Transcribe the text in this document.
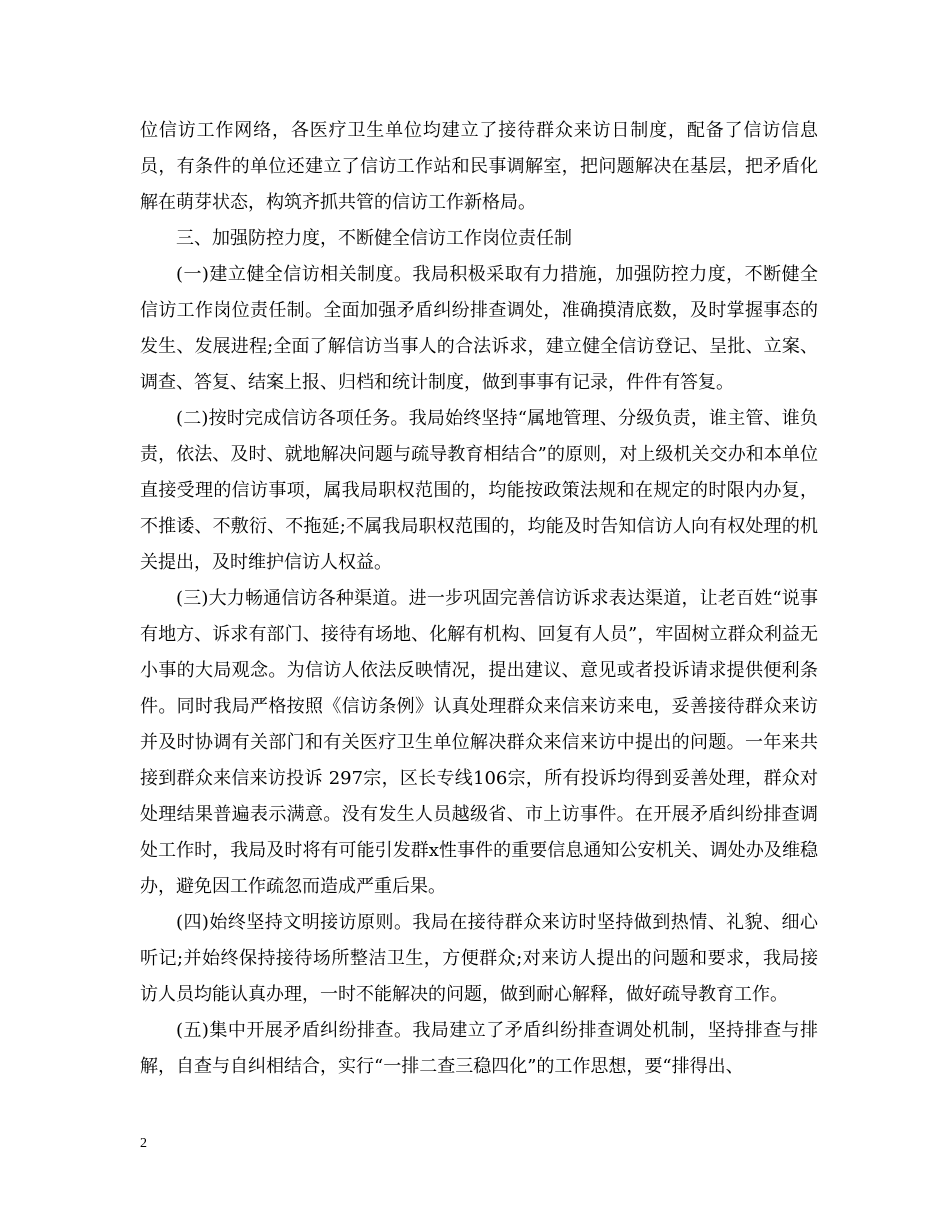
位信访工作网络，各医疗卫生单位均建立了接待群众来访日制度，配备了信访信息员，有条件的单位还建立了信访工作站和民事调解室，把问题解决在基层，把矛盾化解在萌芽状态，构筑齐抓共管的信访工作新格局。

三、加强防控力度，不断健全信访工作岗位责任制

(一)建立健全信访相关制度。我局积极采取有力措施，加强防控力度，不断健全信访工作岗位责任制。全面加强矛盾纠纷排查调处，准确摸清底数，及时掌握事态的发生、发展进程;全面了解信访当事人的合法诉求，建立健全信访登记、呈批、立案、调查、答复、结案上报、归档和统计制度，做到事事有记录，件件有答复。

(二)按时完成信访各项任务。我局始终坚持“属地管理、分级负责，谁主管、谁负责，依法、及时、就地解决问题与疏导教育相结合”的原则，对上级机关交办和本单位直接受理的信访事项，属我局职权范围的，均能按政策法规和在规定的时限内办复，不推诿、不敷衍、不拖延;不属我局职权范围的，均能及时告知信访人向有权处理的机关提出，及时维护信访人权益。

(三)大力畅通信访各种渠道。进一步巩固完善信访诉求表达渠道，让老百姓“说事有地方、诉求有部门、接待有场地、化解有机构、回复有人员”，牢固树立群众利益无小事的大局观念。为信访人依法反映情况，提出建议、意见或者投诉请求提供便利条件。同时我局严格按照《信访条例》认真处理群众来信来访来电，妥善接待群众来访并及时协调有关部门和有关医疗卫生单位解决群众来信来访中提出的问题。一年来共接到群众来信来访投诉 297宗，区长专线106宗，所有投诉均得到妥善处理，群众对处理结果普遍表示满意。没有发生人员越级省、市上访事件。在开展矛盾纠纷排查调处工作时，我局及时将有可能引发群x性事件的重要信息通知公安机关、调处办及维稳办，避免因工作疏忽而造成严重后果。

(四)始终坚持文明接访原则。我局在接待群众来访时坚持做到热情、礼貌、细心听记;并始终保持接待场所整洁卫生，方便群众;对来访人提出的问题和要求，我局接访人员均能认真办理，一时不能解决的问题，做到耐心解释，做好疏导教育工作。

(五)集中开展矛盾纠纷排查。我局建立了矛盾纠纷排查调处机制，坚持排查与排解，自查与自纠相结合，实行“一排二查三稳四化”的工作思想，要“排得出、

2
